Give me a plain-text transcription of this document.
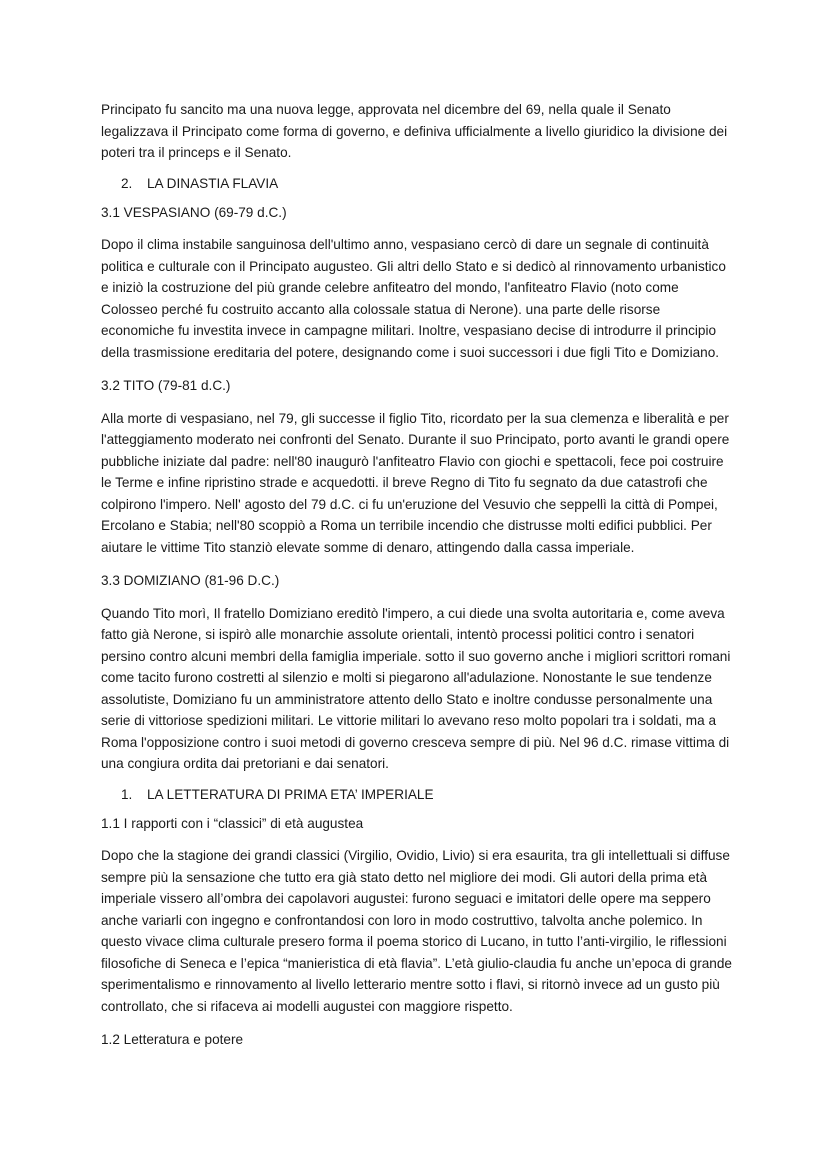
Principato fu sancito ma una nuova legge, approvata nel dicembre del 69, nella quale il Senato legalizzava il Principato come forma di governo, e definiva ufficialmente a livello giuridico la divisione dei poteri tra il princeps e il Senato.

2.	LA DINASTIA FLAVIA

3.1 VESPASIANO (69-79 d.C.)

Dopo il clima instabile sanguinosa dell'ultimo anno, vespasiano cercò di dare un segnale di continuità politica e culturale con il Principato augusteo. Gli altri dello Stato e si dedicò al rinnovamento urbanistico e iniziò la costruzione del più grande celebre anfiteatro del mondo, l'anfiteatro Flavio (noto come Colosseo perché fu costruito accanto alla colossale statua di Nerone). una parte delle risorse economiche fu investita invece in campagne militari. Inoltre, vespasiano decise di introdurre il principio della trasmissione ereditaria del potere, designando come i suoi successori i due figli Tito e Domiziano.

3.2 TITO (79-81 d.C.)

Alla morte di vespasiano, nel 79, gli successe il figlio Tito, ricordato per la sua clemenza e liberalità e per l'atteggiamento moderato nei confronti del Senato. Durante il suo Principato, porto avanti le grandi opere pubbliche iniziate dal padre: nell'80 inaugurò l'anfiteatro Flavio con giochi e spettacoli, fece poi costruire le Terme e infine ripristino strade e acquedotti. il breve Regno di Tito fu segnato da due catastrofi che colpirono l'impero. Nell' agosto del 79 d.C. ci fu un'eruzione del Vesuvio che seppellì la città di Pompei, Ercolano e Stabia; nell'80 scoppiò a Roma un terribile incendio che distrusse molti edifici pubblici. Per aiutare le vittime Tito stanziò elevate somme di denaro, attingendo dalla cassa imperiale.

3.3 DOMIZIANO (81-96 D.C.)

Quando Tito morì, Il fratello Domiziano ereditò l'impero, a cui diede una svolta autoritaria e, come aveva fatto già Nerone, si ispirò alle monarchie assolute orientali, intentò processi politici contro i senatori persino contro alcuni membri della famiglia imperiale. sotto il suo governo anche i migliori scrittori romani come tacito furono costretti al silenzio e molti si piegarono all'adulazione. Nonostante le sue tendenze assolutiste, Domiziano fu un amministratore attento dello Stato e inoltre condusse personalmente una serie di vittoriose spedizioni militari. Le vittorie militari lo avevano reso molto popolari tra i soldati, ma a Roma l'opposizione contro i suoi metodi di governo cresceva sempre di più. Nel 96 d.C. rimase vittima di una congiura ordita dai pretoriani e dai senatori.

1.	LA LETTERATURA DI PRIMA ETA’ IMPERIALE

1.1 I rapporti con i “classici” di età augustea

Dopo che la stagione dei grandi classici (Virgilio, Ovidio, Livio) si era esaurita, tra gli intellettuali si diffuse sempre più la sensazione che tutto era già stato detto nel migliore dei modi. Gli autori della prima età imperiale vissero all’ombra dei capolavori augustei: furono seguaci e imitatori delle opere ma seppero anche variarli con ingegno e confrontandosi con loro in modo costruttivo, talvolta anche polemico. In questo vivace clima culturale presero forma il poema storico di Lucano, in tutto l’anti-virgilio, le riflessioni filosofiche di Seneca e l’epica “manieristica di età flavia”. L’età giulio-claudia fu anche un’epoca di grande sperimentalismo e rinnovamento al livello letterario mentre sotto i flavi, si ritornò invece ad un gusto più controllato, che si rifaceva ai modelli augustei con maggiore rispetto.

1.2 Letteratura e potere
